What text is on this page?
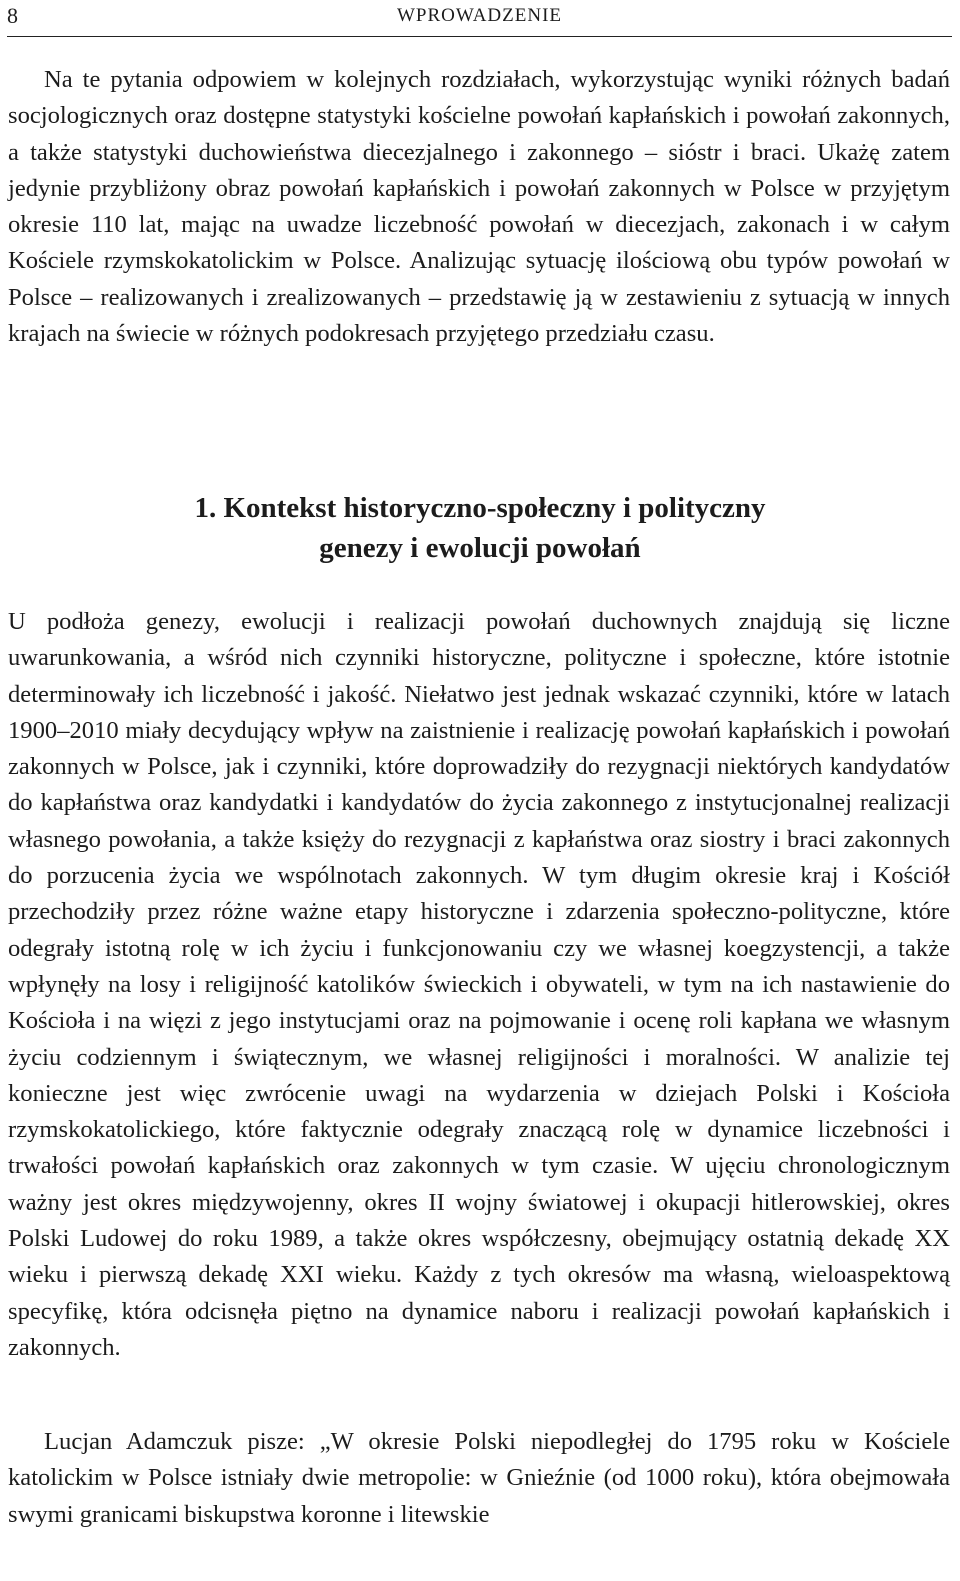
8	WPROWADZENIE

Na te pytania odpowiem w kolejnych rozdziałach, wykorzystując wyniki różnych badań socjologicznych oraz dostępne statystyki kościelne powołań kapłańskich i powołań zakonnych, a także statystyki duchowieństwa diecezjalnego i zakonnego – sióstr i braci. Ukażę zatem jedynie przybliżony obraz powołań kapłańskich i powołań zakonnych w Polsce w przyjętym okresie 110 lat, mając na uwadze liczebność powołań w diecezjach, zakonach i w całym Kościele rzymskokatolickim w Polsce. Analizując sytuację ilościową obu typów powołań w Polsce – realizowanych i zrealizowanych – przedstawię ją w zestawieniu z sytuacją w innych krajach na świecie w różnych podokresach przyjętego przedziału czasu.

1. Kontekst historyczno-społeczny i polityczny
genezy i ewolucji powołań

U podłoża genezy, ewolucji i realizacji powołań duchownych znajdują się liczne uwarunkowania, a wśród nich czynniki historyczne, polityczne i społeczne, które istotnie determinowały ich liczebność i jakość. Niełatwo jest jednak wskazać czynniki, które w latach 1900–2010 miały decydujący wpływ na zaistnienie i realizację powołań kapłańskich i powołań zakonnych w Polsce, jak i czynniki, które doprowadziły do rezygnacji niektórych kandydatów do kapłaństwa oraz kandydatki i kandydatów do życia zakonnego z instytucjonalnej realizacji własnego powołania, a także księży do rezygnacji z kapłaństwa oraz siostry i braci zakonnych do porzucenia życia we wspólnotach zakonnych. W tym długim okresie kraj i Kościół przechodziły przez różne ważne etapy historyczne i zdarzenia społeczno-polityczne, które odegrały istotną rolę w ich życiu i funkcjonowaniu czy we własnej koegzystencji, a także wpłynęły na losy i religijność katolików świeckich i obywateli, w tym na ich nastawienie do Kościoła i na więzi z jego instytucjami oraz na pojmowanie i ocenę roli kapłana we własnym życiu codziennym i świątecznym, we własnej religijności i moralności. W analizie tej konieczne jest więc zwrócenie uwagi na wydarzenia w dziejach Polski i Kościoła rzymskokatolickiego, które faktycznie odegrały znaczącą rolę w dynamice liczebności i trwałości powołań kapłańskich oraz zakonnych w tym czasie. W ujęciu chronologicznym ważny jest okres międzywojenny, okres II wojny światowej i okupacji hitlerowskiej, okres Polski Ludowej do roku 1989, a także okres współczesny, obejmujący ostatnią dekadę XX wieku i pierwszą dekadę XXI wieku. Każdy z tych okresów ma własną, wieloaspektową specyfikę, która odcisnęła piętno na dynamice naboru i realizacji powołań kapłańskich i zakonnych.

Lucjan Adamczuk pisze: „W okresie Polski niepodległej do 1795 roku w Kościele katolickim w Polsce istniały dwie metropolie: w Gnieźnie (od 1000 roku), która obejmowała swymi granicami biskupstwa koronne i litewskie
